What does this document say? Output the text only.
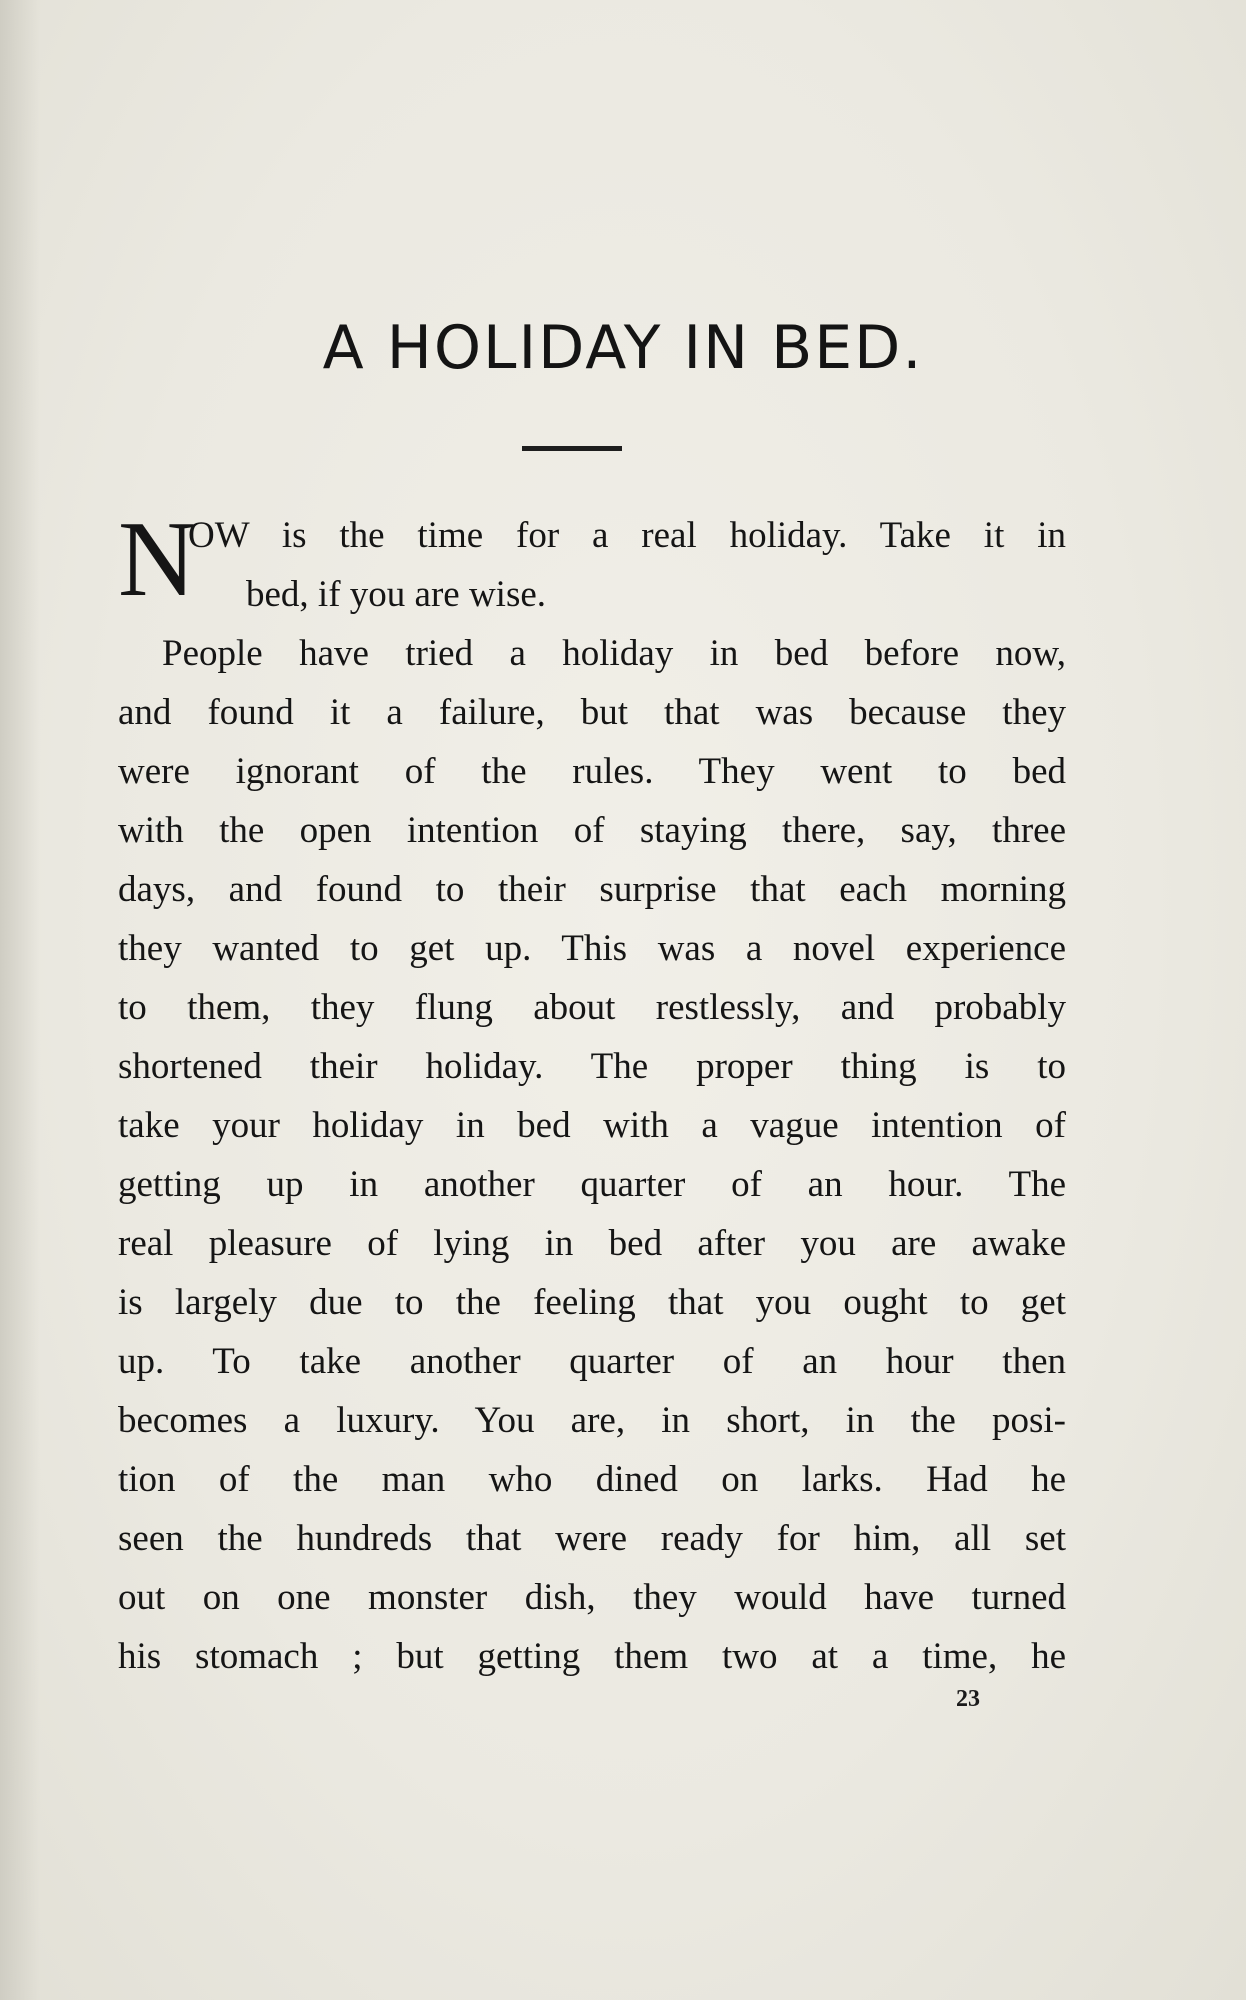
A HOLIDAY IN BED.
N
OW is the time for a real holiday. Take it in
bed, if you are wise.
People have tried a holiday in bed before now,
and found it a failure, but that was because they
were ignorant of the rules. They went to bed
with the open intention of staying there, say, three
days, and found to their surprise that each morning
they wanted to get up. This was a novel experience
to them, they flung about restlessly, and probably
shortened their holiday. The proper thing is to
take your holiday in bed with a vague intention of
getting up in another quarter of an hour. The
real pleasure of lying in bed after you are awake
is largely due to the feeling that you ought to get
up. To take another quarter of an hour then
becomes a luxury. You are, in short, in the posi-
tion of the man who dined on larks. Had he
seen the hundreds that were ready for him, all set
out on one monster dish, they would have turned
his stomach ; but getting them two at a time, he
23
